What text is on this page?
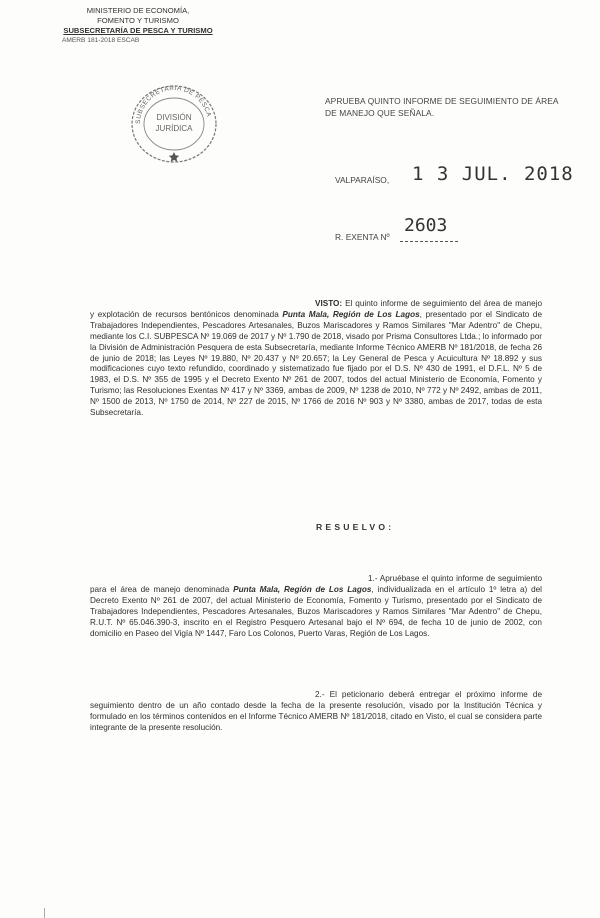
MINISTERIO DE ECONOMÍA,
FOMENTO Y TURISMO
SUBSECRETARÍA DE PESCA Y TURISMO
AMERB 181-2018 ESCAB
SUBSECRETARIA DE PESCA
DIVISIÓN
JURÍDICA
APRUEBA QUINTO INFORME DE SEGUIMIENTO DE ÁREA DE MANEJO QUE SEÑALA.
VALPARAÍSO, 1 3 JUL. 2018
R. EXENTA Nº
2603
VISTO: El quinto informe de seguimiento del área de manejo y explotación de recursos bentónicos denominada Punta Mala, Región de Los Lagos, presentado por el Sindicato de Trabajadores Independientes, Pescadores Artesanales, Buzos Mariscadores y Ramos Similares "Mar Adentro" de Chepu, mediante los C.I. SUBPESCA Nº 19.069 de 2017 y Nº 1.790 de 2018, visado por Prisma Consultores Ltda.; lo informado por la División de Administración Pesquera de esta Subsecretaría, mediante Informe Técnico AMERB Nº 181/2018, de fecha 26 de junio de 2018; las Leyes Nº 19.880, Nº 20.437 y Nº 20.657; la Ley General de Pesca y Acuicultura Nº 18.892 y sus modificaciones cuyo texto refundido, coordinado y sistematizado fue fijado por el D.S. Nº 430 de 1991, el D.F.L. Nº 5 de 1983, el D.S. Nº 355 de 1995 y el Decreto Exento Nº 261 de 2007, todos del actual Ministerio de Economía, Fomento y Turismo; las Resoluciones Exentas Nº 417 y Nº 3369, ambas de 2009, Nº 1238 de 2010, Nº 772 y Nº 2492, ambas de 2011, Nº 1500 de 2013, Nº 1750 de 2014, Nº 227 de 2015, Nº 1766 de 2016 Nº 903 y Nº 3380, ambas de 2017, todas de esta Subsecretaría.
RESUELVO:
1.- Apruébase el quinto informe de seguimiento para el área de manejo denominada Punta Mala, Región de Los Lagos, individualizada en el artículo 1º letra a) del Decreto Exento Nº 261 de 2007, del actual Ministerio de Economía, Fomento y Turismo, presentado por el Sindicato de Trabajadores Independientes, Pescadores Artesanales, Buzos Mariscadores y Ramos Similares "Mar Adentro" de Chepu, R.U.T. Nº 65.046.390-3, inscrito en el Registro Pesquero Artesanal bajo el Nº 694, de fecha 10 de junio de 2002, con domicilio en Paseo del Vigía Nº 1447, Faro Los Colonos, Puerto Varas, Región de Los Lagos.
2.- El peticionario deberá entregar el próximo informe de seguimiento dentro de un año contado desde la fecha de la presente resolución, visado por la Institución Técnica y formulado en los términos contenidos en el Informe Técnico AMERB Nº 181/2018, citado en Visto, el cual se considera parte integrante de la presente resolución.
